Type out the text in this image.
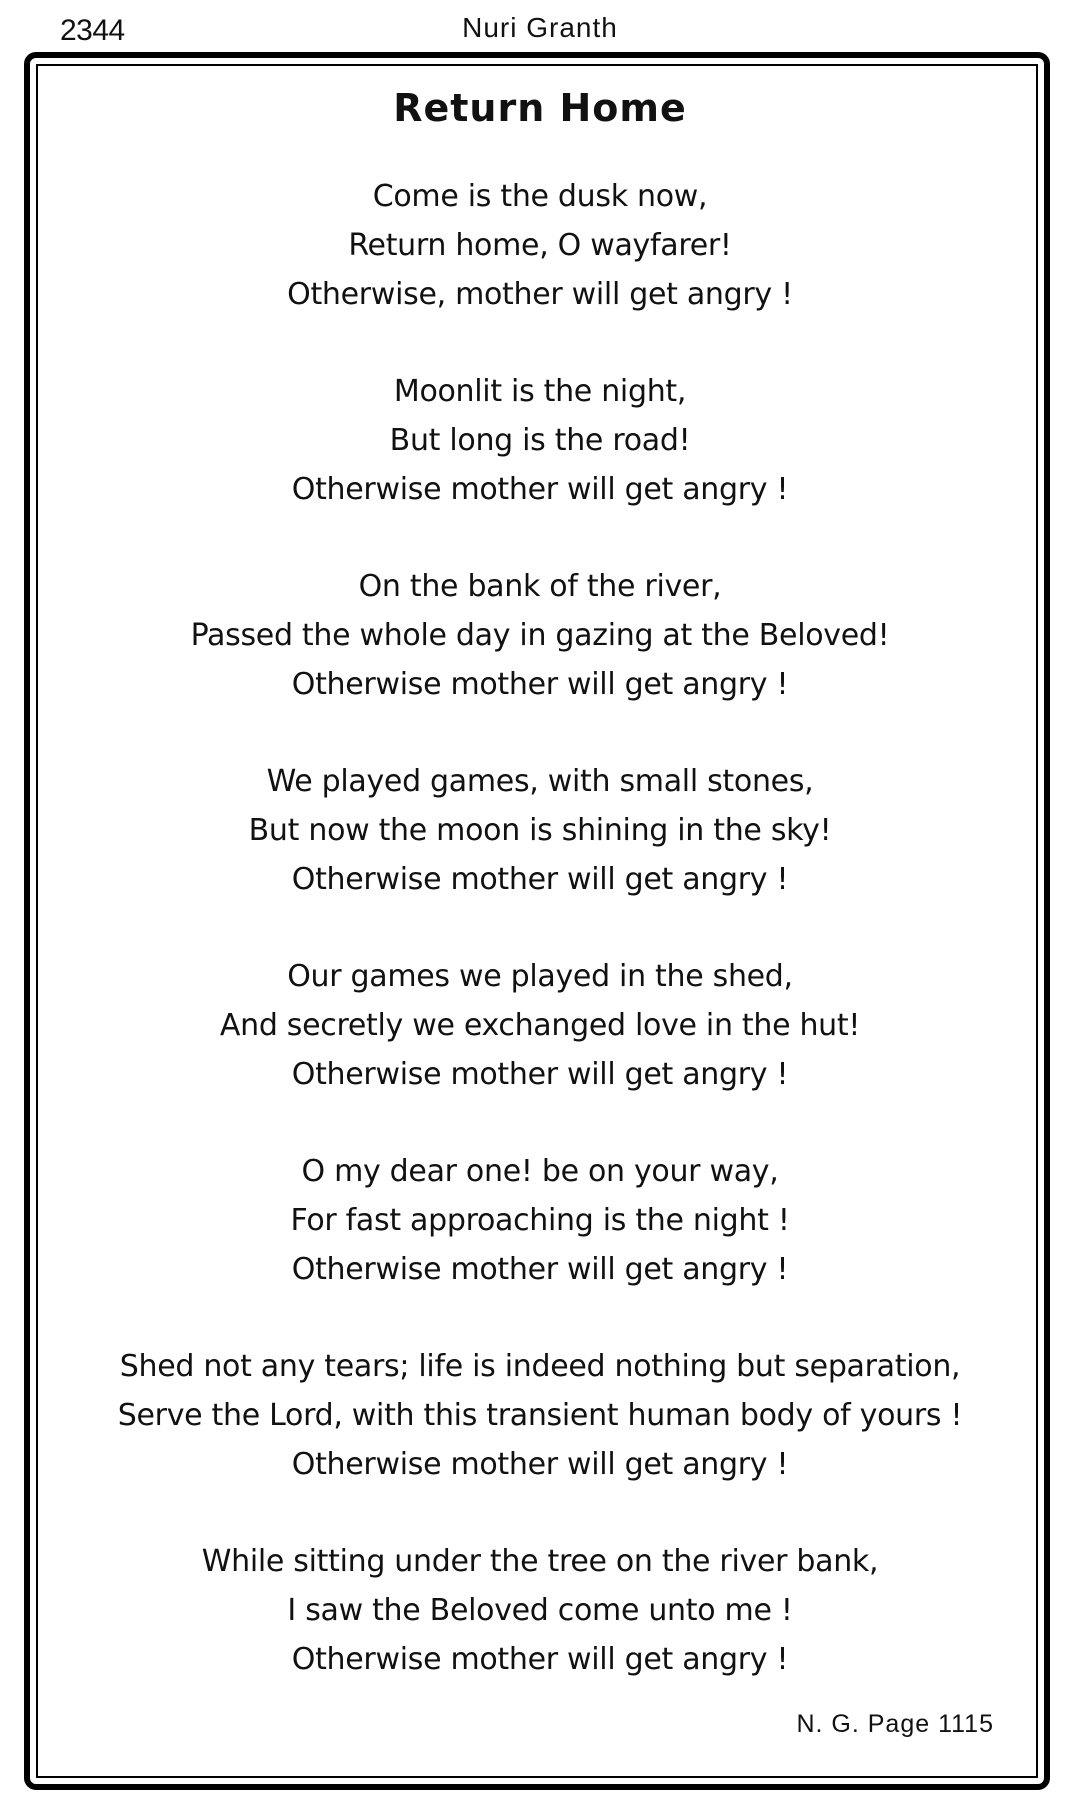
2344	Nuri Granth
Return Home
Come is the dusk now,
Return home, O wayfarer!
Otherwise, mother will get angry !
Moonlit is the night,
But long is the road!
Otherwise mother will get angry !
On the bank of the river,
Passed the whole day in gazing at the Beloved!
Otherwise mother will get angry !
We played games, with small stones,
But now the moon is shining in the sky!
Otherwise mother will get angry !
Our games we played in the shed,
And secretly we exchanged love in the hut!
Otherwise mother will get angry !
O my dear one! be on your way,
For fast approaching is the night !
Otherwise mother will get angry !
Shed not any tears; life is indeed nothing but separation,
Serve the Lord, with this transient human body of yours !
Otherwise mother will get angry !
While sitting under the tree on the river bank,
I saw the Beloved come unto me !
Otherwise mother will get angry !
N. G. Page 1115
